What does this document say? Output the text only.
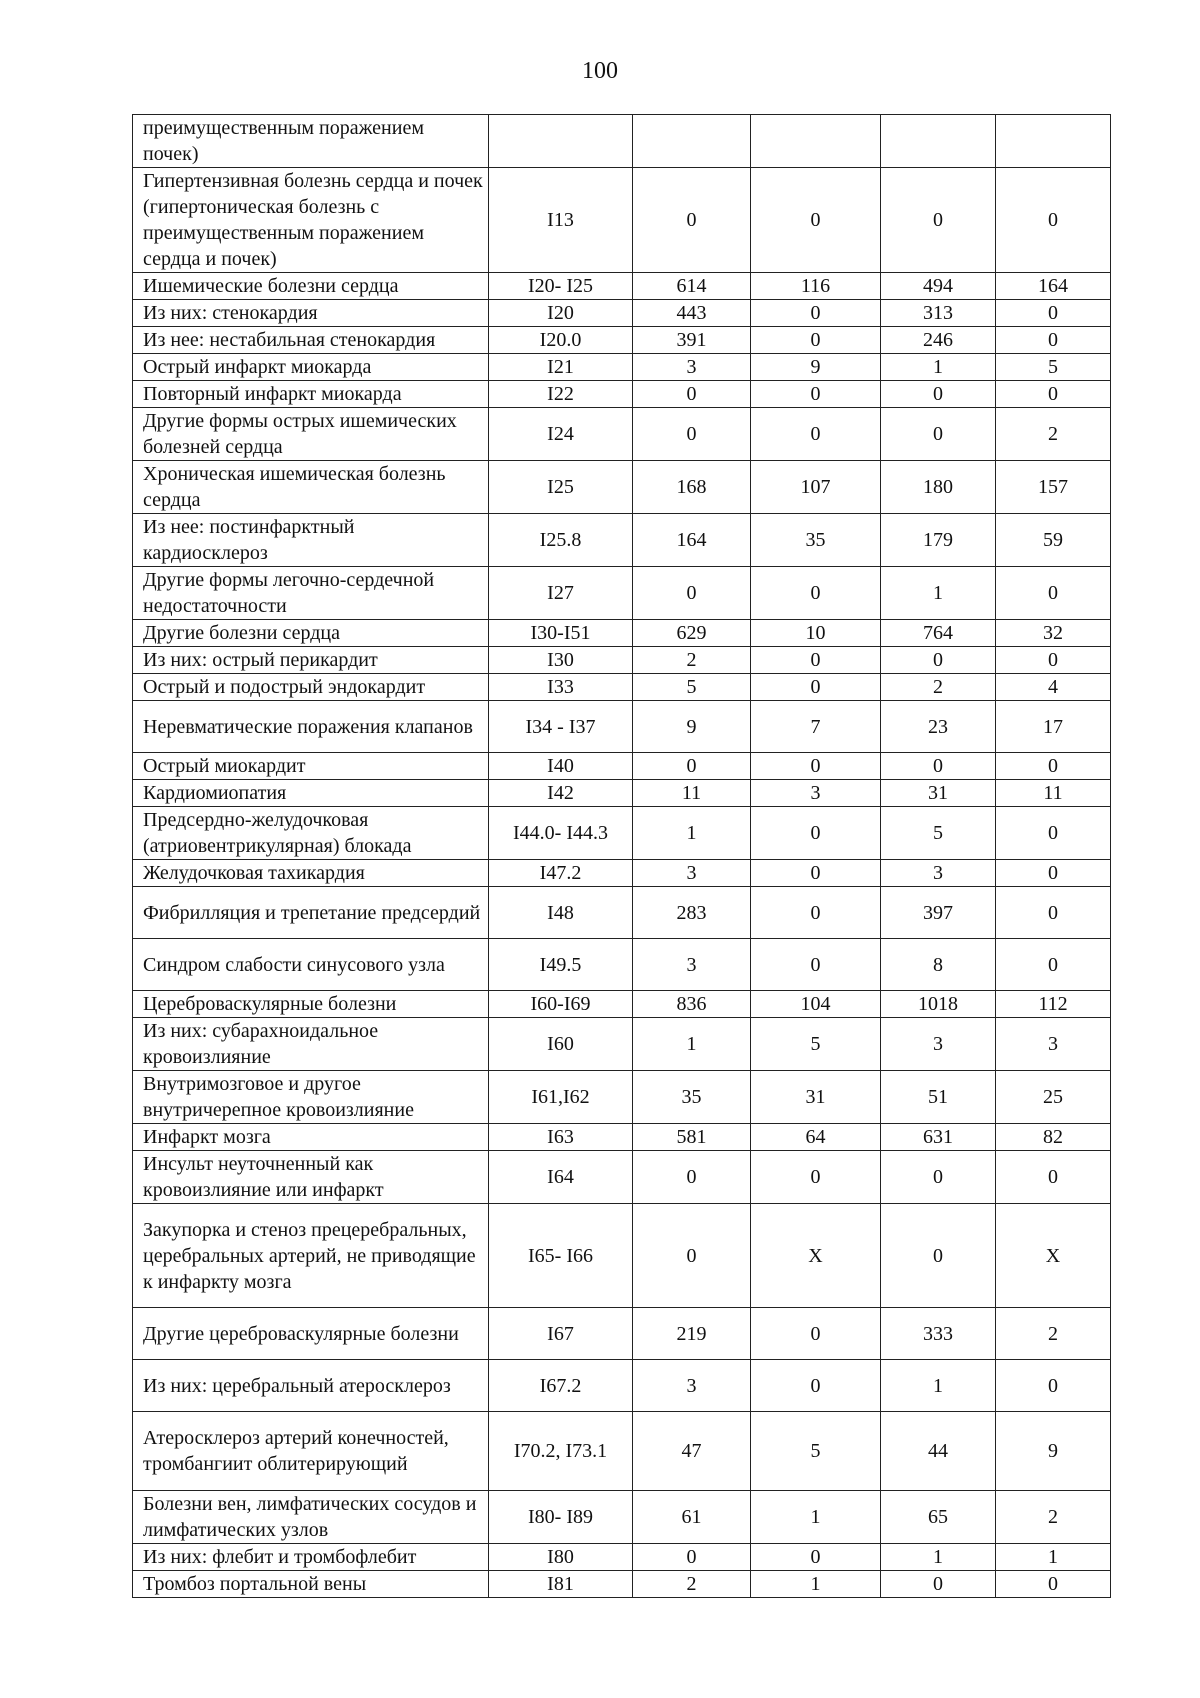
100
преимущественным поражением почек)					
Гипертензивная болезнь сердца и почек (гипертоническая болезнь с преимущественным поражением сердца и почек)	I13	0	0	0	0
Ишемические болезни сердца	I20- I25	614	116	494	164
Из них: стенокардия	I20	443	0	313	0
Из нее: нестабильная стенокардия	I20.0	391	0	246	0
Острый инфаркт миокарда	I21	3	9	1	5
Повторный инфаркт миокарда	I22	0	0	0	0
Другие формы острых ишемических болезней сердца	I24	0	0	0	2
Хроническая ишемическая болезнь сердца	I25	168	107	180	157
Из нее: постинфарктный кардиосклероз	I25.8	164	35	179	59
Другие формы легочно-сердечной недостаточности	I27	0	0	1	0
Другие болезни сердца	I30-I51	629	10	764	32
Из них: острый перикардит	I30	2	0	0	0
Острый и подострый эндокардит	I33	5	0	2	4
Неревматические поражения клапанов	I34 - I37	9	7	23	17
Острый миокардит	I40	0	0	0	0
Кардиомиопатия	I42	11	3	31	11
Предсердно-желудочковая (атриовентрикулярная) блокада	I44.0- I44.3	1	0	5	0
Желудочковая тахикардия	I47.2	3	0	3	0
Фибрилляция и трепетание предсердий	I48	283	0	397	0
Синдром слабости синусового узла	I49.5	3	0	8	0
Цереброваскулярные болезни	I60-I69	836	104	1018	112
Из них: субарахноидальное кровоизлияние	I60	1	5	3	3
Внутримозговое и другое внутричерепное кровоизлияние	I61,I62	35	31	51	25
Инфаркт мозга	I63	581	64	631	82
Инсульт неуточненный как кровоизлияние или инфаркт	I64	0	0	0	0
Закупорка и стеноз прецеребральных, церебральных артерий, не приводящие к инфаркту мозга	I65- I66	0	Х	0	Х
Другие цереброваскулярные болезни	I67	219	0	333	2
Из них: церебральный атеросклероз	I67.2	3	0	1	0
Атеросклероз артерий конечностей, тромбангиит облитерирующий	I70.2, I73.1	47	5	44	9
Болезни вен, лимфатических сосудов и лимфатических узлов	I80- I89	61	1	65	2
Из них: флебит и тромбофлебит	I80	0	0	1	1
Тромбоз портальной вены	I81	2	1	0	0
